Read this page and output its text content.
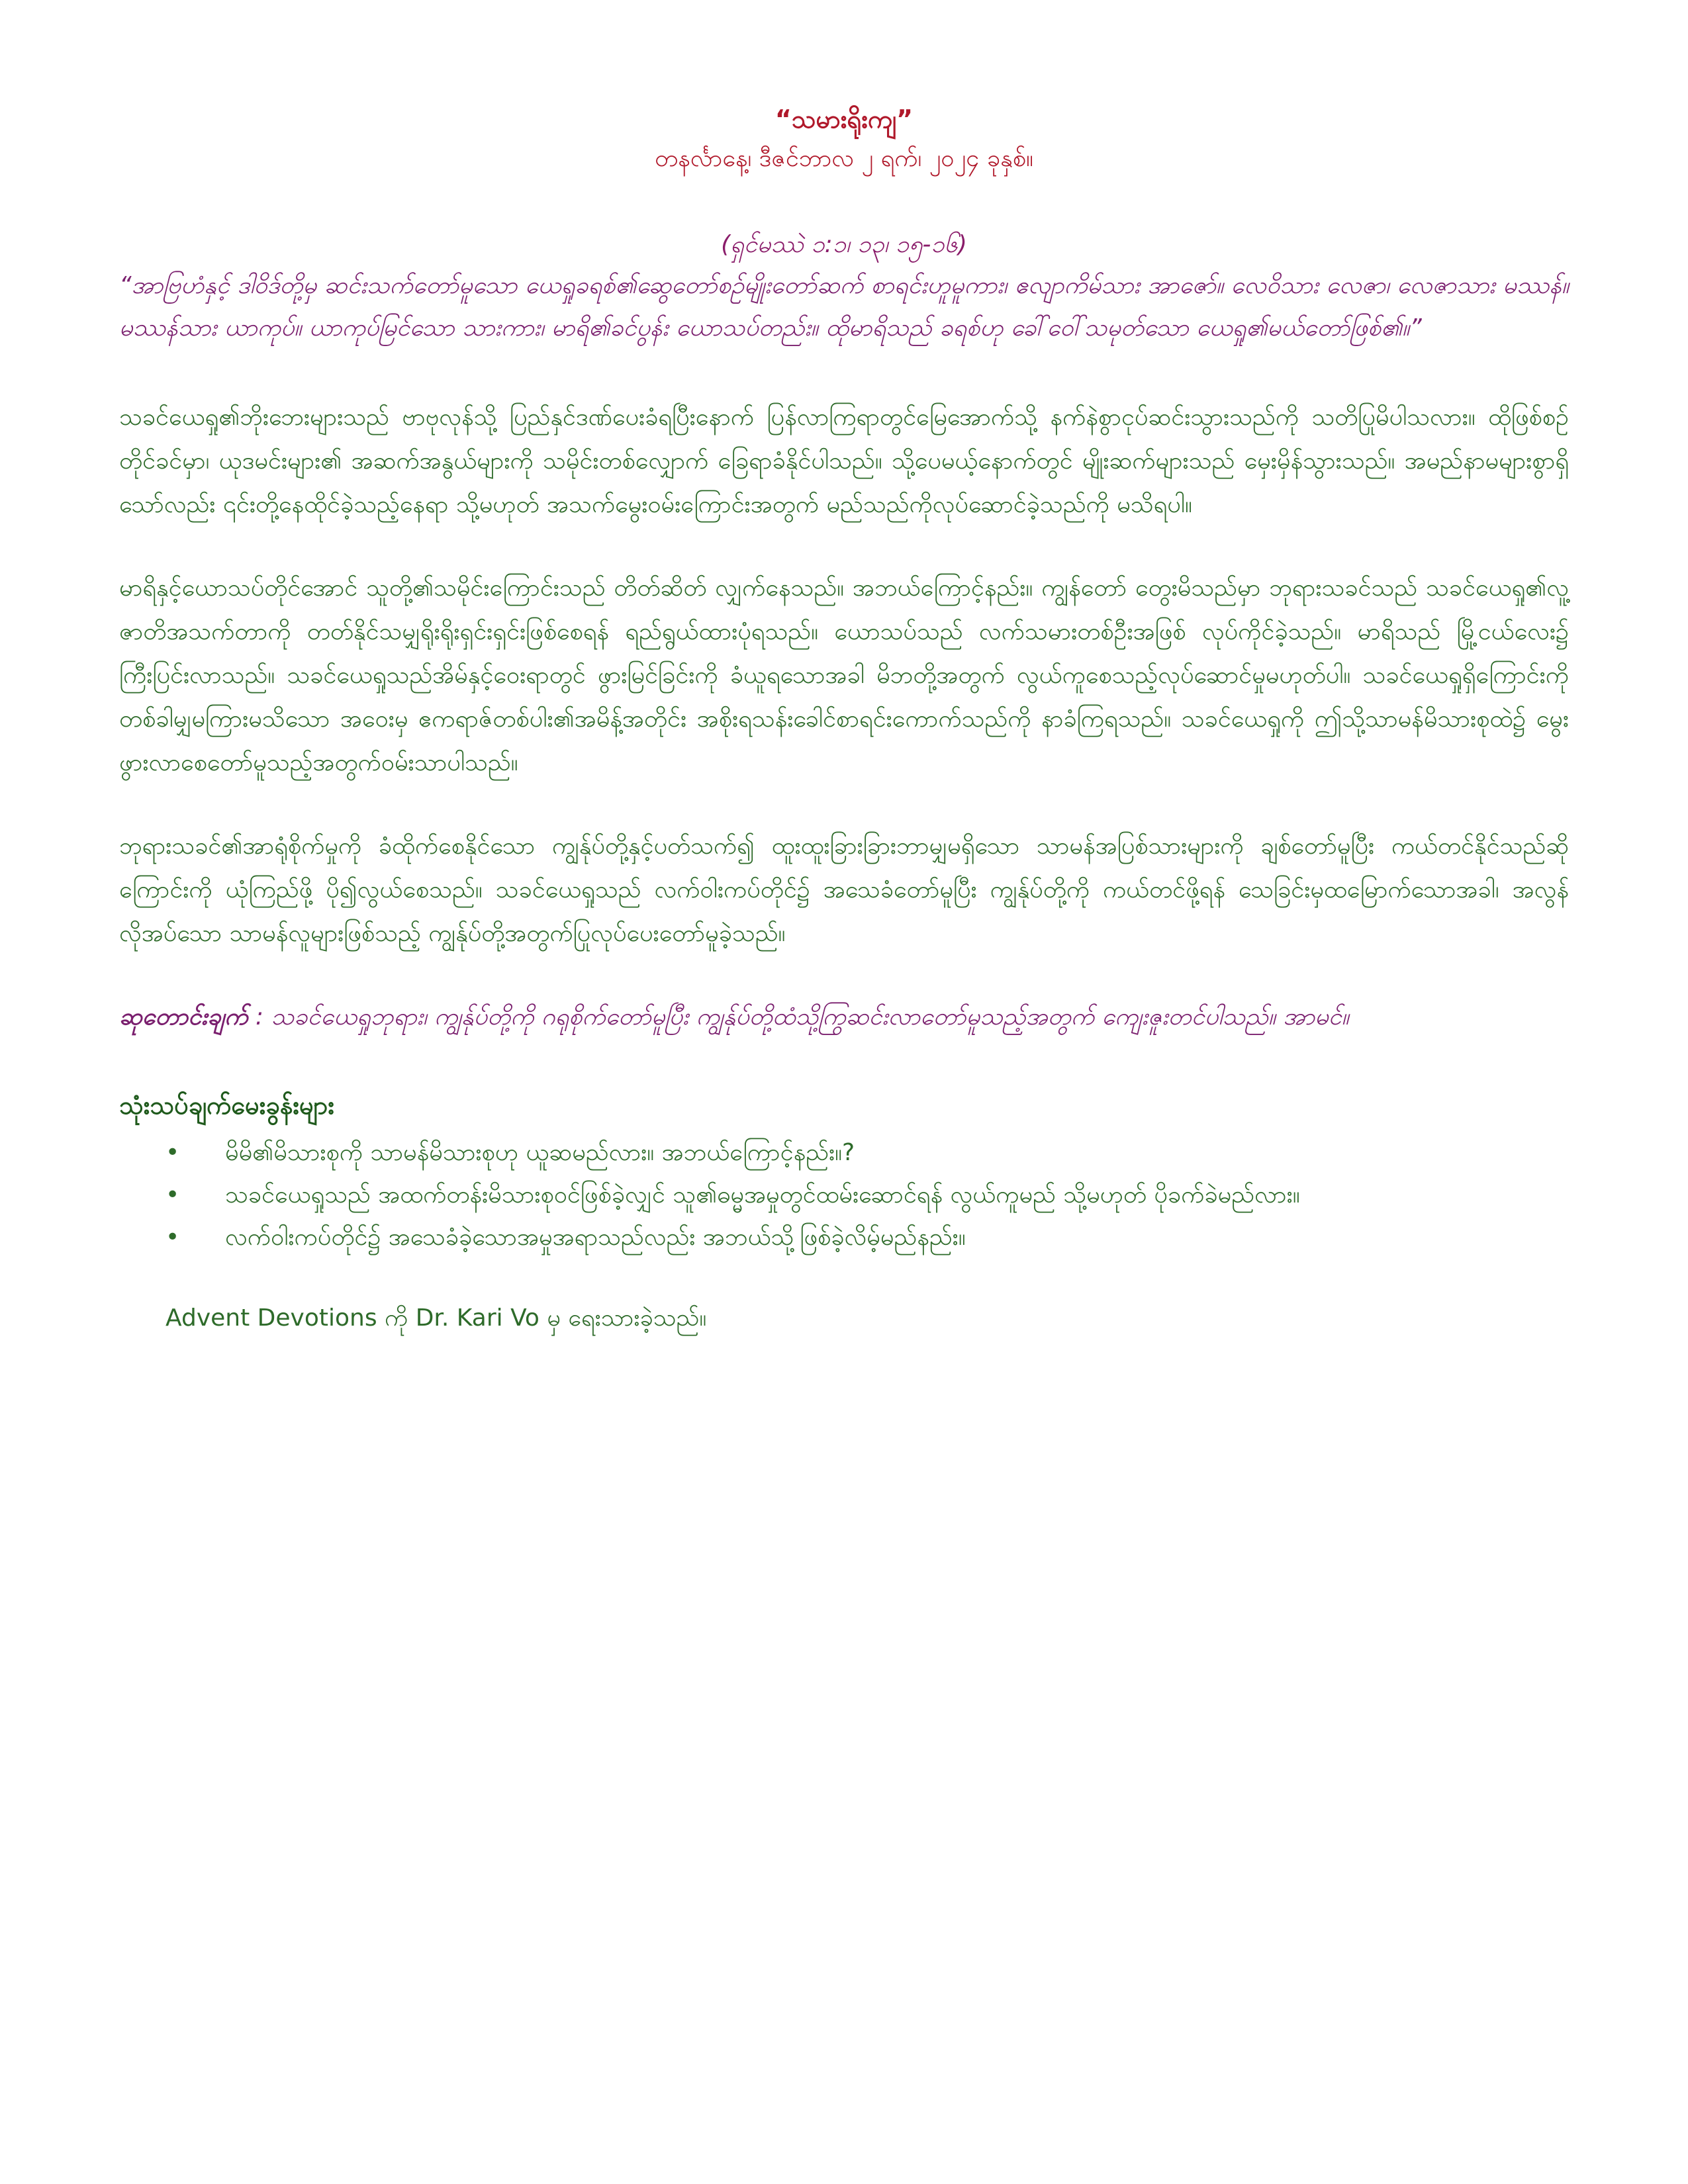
“သမားရိုးကျ”

တနင်္လာနေ့၊ ဒီဇင်ဘာလ ၂ ရက်၊ ၂၀၂၄ ခုနှစ်။

(ရှင်မဿဲ ၁:၁၊ ၁၃၊ ၁၅-၁၆)

“အာဗြဟံနှင့် ဒါဝိဒ်တို့မှ ဆင်းသက်တော်မူသော ယေရှုခရစ်၏ဆွေတော်စဉ်မျိုးတော်ဆက် စာရင်းဟူမူကား၊ ဧလျာကိမ်သား အာဇော်။ လေဝိသား လေဇာ၊ လေဇာသား မဿန်။ မဿန်သား ယာကုပ်။ ယာကုပ်မြင်သော သားကား၊ မာရိ၏ခင်ပွန်း ယောသပ်တည်း။ ထိုမာရိသည် ခရစ်ဟု ခေါ်ဝေါ်သမုတ်သော ယေရှု၏မယ်တော်ဖြစ်၏။”

သခင်ယေရှု၏ဘိုးဘေးများသည် ဗာဗုလုန်သို့ ပြည်နှင်ဒဏ်ပေးခံရပြီးနောက် ပြန်လာကြရာတွင်မြေအောက်သို့ နက်နဲစွာငုပ်ဆင်းသွားသည်ကို သတိပြုမိပါသလား။ ထိုဖြစ်စဉ်တိုင်ခင်မှာ၊ ယုဒမင်းများ၏ အဆက်အနွယ်များကို သမိုင်းတစ်လျှောက် ခြေရာခံနိုင်ပါသည်။ သို့ပေမယ့်နောက်တွင် မျိုးဆက်များသည် မှေးမှိန်သွားသည်။ အမည်နာမများစွာရှိသော်လည်း ၎င်းတို့နေထိုင်ခဲ့သည့်နေရာ သို့မဟုတ် အသက်မွေးဝမ်းကြောင်းအတွက် မည်သည်ကိုလုပ်ဆောင်ခဲ့သည်ကို မသိရပါ။

မာရိနှင့်ယောသပ်တိုင်အောင် သူတို့၏သမိုင်းကြောင်းသည် တိတ်ဆိတ် လျှက်နေသည်။ အဘယ်ကြောင့်နည်း။ ကျွန်တော် တွေးမိသည်မှာ ဘုရားသခင်သည် သခင်ယေရှု၏လူ့ဇာတိအသက်တာကို တတ်နိုင်သမျှရိုးရိုးရှင်းရှင်းဖြစ်စေရန် ရည်ရွယ်ထားပုံရသည်။ ယောသပ်သည် လက်သမားတစ်ဦးအဖြစ် လုပ်ကိုင်ခဲ့သည်။ မာရိသည် မြို့ငယ်လေး၌ ကြီးပြင်းလာသည်။ သခင်ယေရှုသည်အိမ်နှင့်ဝေးရာတွင် ဖွားမြင်ခြင်းကို ခံယူရသောအခါ မိဘတို့အတွက် လွယ်ကူစေသည့်လုပ်ဆောင်မှုမဟုတ်ပါ။ သခင်ယေရှုရှိကြောင်းကို တစ်ခါမျှမကြားမသိသော အဝေးမှ ဧကရာဇ်တစ်ပါး၏အမိန့်အတိုင်း အစိုးရသန်းခေါင်စာရင်းကောက်သည်ကို နာခံကြရသည်။ သခင်ယေရှုကို ဤသို့သာမန်မိသားစုထဲ၌ မွေးဖွားလာစေတော်မူသည့်အတွက်ဝမ်းသာပါသည်။

ဘုရားသခင်၏အာရုံစိုက်မှုကို ခံထိုက်စေနိုင်သော ကျွန်ုပ်တို့နှင့်ပတ်သက်၍ ထူးထူးခြားခြားဘာမျှမရှိသော သာမန်အပြစ်သားများကို ချစ်တော်မူပြီး ကယ်တင်နိုင်သည်ဆိုကြောင်းကို ယုံကြည်ဖို့ ပို၍လွယ်စေသည်။ သခင်ယေရှုသည် လက်ဝါးကပ်တိုင်၌ အသေခံတော်မူပြီး ကျွန်ုပ်တို့ကို ကယ်တင်ဖို့ရန် သေခြင်းမှထမြောက်သောအခါ၊ အလွန်လိုအပ်သော သာမန်လူများဖြစ်သည့် ကျွန်ုပ်တို့အတွက်ပြုလုပ်ပေးတော်မူခဲ့သည်။

ဆုတောင်းချက် : သခင်ယေရှုဘုရား၊ ကျွန်ုပ်တို့ကို ဂရုစိုက်တော်မူပြီး ကျွန်ုပ်တို့ထံသို့ကြွဆင်းလာတော်မူသည့်အတွက် ကျေးဇူးတင်ပါသည်။ အာမင်။

သုံးသပ်ချက်မေးခွန်းများ
• မိမိ၏မိသားစုကို သာမန်မိသားစုဟု ယူဆမည်လား။ အဘယ်ကြောင့်နည်း။?
• သခင်ယေရှုသည် အထက်တန်းမိသားစုဝင်ဖြစ်ခဲ့လျှင် သူ၏ဓမ္မအမှုတွင်ထမ်းဆောင်ရန် လွယ်ကူမည် သို့မဟုတ် ပိုခက်ခဲမည်လား။
• လက်ဝါးကပ်တိုင်၌ အသေခံခဲ့သောအမှုအရာသည်လည်း အဘယ်သို့ဖြစ်ခဲ့လိမ့်မည်နည်း။

Advent Devotions ကို Dr. Kari Vo မှ ရေးသားခဲ့သည်။
